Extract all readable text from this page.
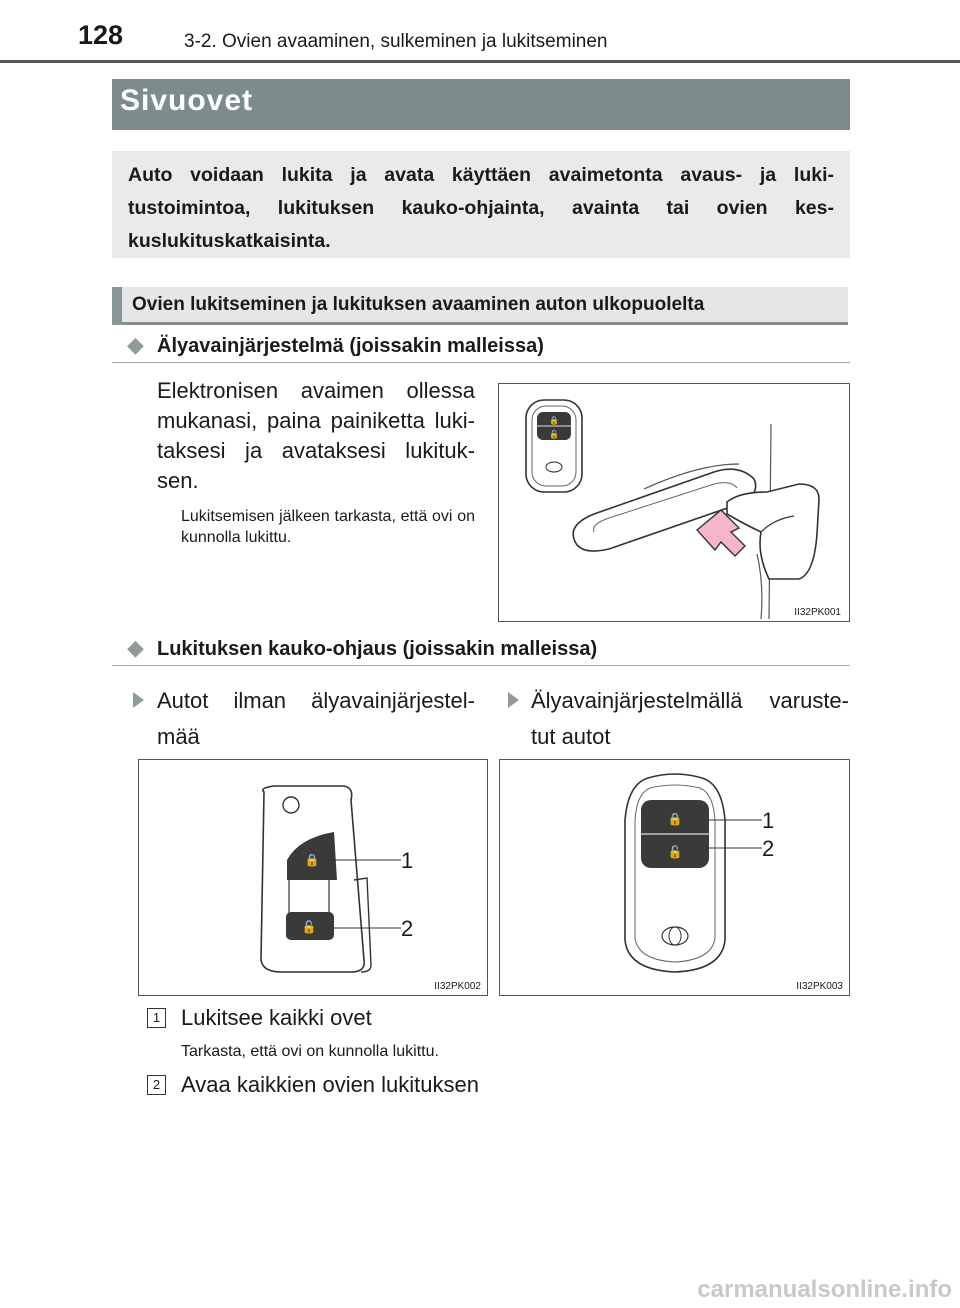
128	3-2. Ovien avaaminen, sulkeminen ja lukitseminen
Sivuovet
Auto voidaan lukita ja avata käyttäen avaimetonta avaus- ja luki-tustoimintoa, lukituksen kauko-ohjainta, avainta tai ovien kes-kuslukituskatkaisinta.
Ovien lukitseminen ja lukituksen avaaminen auton ulkopuolelta
◆ Älyavainjärjestelmä (joissakin malleissa)
Elektronisen avaimen ollessa mukanasi, paina painiketta luki-taksesi ja avataksesi lukituk-sen.
Lukitsemisen jälkeen tarkasta, että ovi on kunnolla lukittu.
🔒
🔓
II32PK001
◆ Lukituksen kauko-ohjaus (joissakin malleissa)
Autot ilman älyavainjärjestel-mää
Älyavainjärjestelmällä varuste-tut autot
🔒
🔓
1
2
II32PK002
🔒
🔓
1
2
II32PK003
1 Lukitsee kaikki ovet
Tarkasta, että ovi on kunnolla lukittu.
2 Avaa kaikkien ovien lukituksen
carmanualsonline.info
